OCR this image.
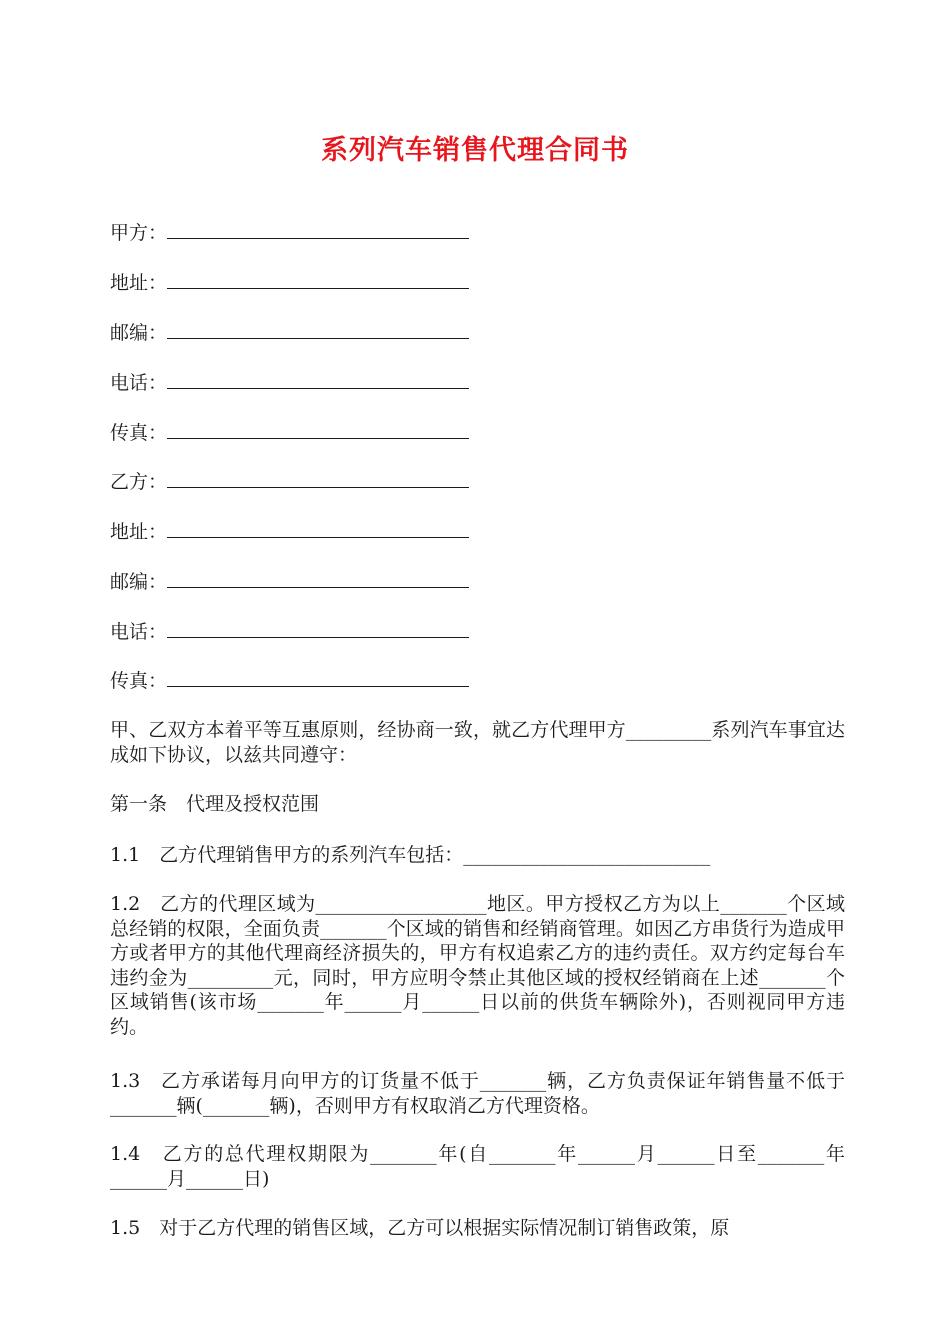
系列汽车销售代理合同书
甲方：
地址：
邮编：
电话：
传真：
乙方：
地址：
邮编：
电话：
传真：

甲、乙双方本着平等互惠原则，经协商一致，就乙方代理甲方_________系列汽车事宜达成如下协议，以兹共同遵守：

第一条　代理及授权范围

1.1　乙方代理销售甲方的系列汽车包括：__________________________

1.2　乙方的代理区域为__________________地区。甲方授权乙方为以上_______个区域总经销的权限，全面负责_______个区域的销售和经销商管理。如因乙方串货行为造成甲方或者甲方的其他代理商经济损失的，甲方有权追索乙方的违约责任。双方约定每台车违约金为_________元，同时，甲方应明令禁止其他区域的授权经销商在上述_______个区域销售(该市场_______年______月______日以前的供货车辆除外)，否则视同甲方违约。

1.3　乙方承诺每月向甲方的订货量不低于_______辆，乙方负责保证年销售量不低于_______辆(_______辆)，否则甲方有权取消乙方代理资格。

1.4　乙方的总代理权期限为_______年(自_______年______月______日至_______年______月______日)

1.5　对于乙方代理的销售区域，乙方可以根据实际情况制订销售政策，原
